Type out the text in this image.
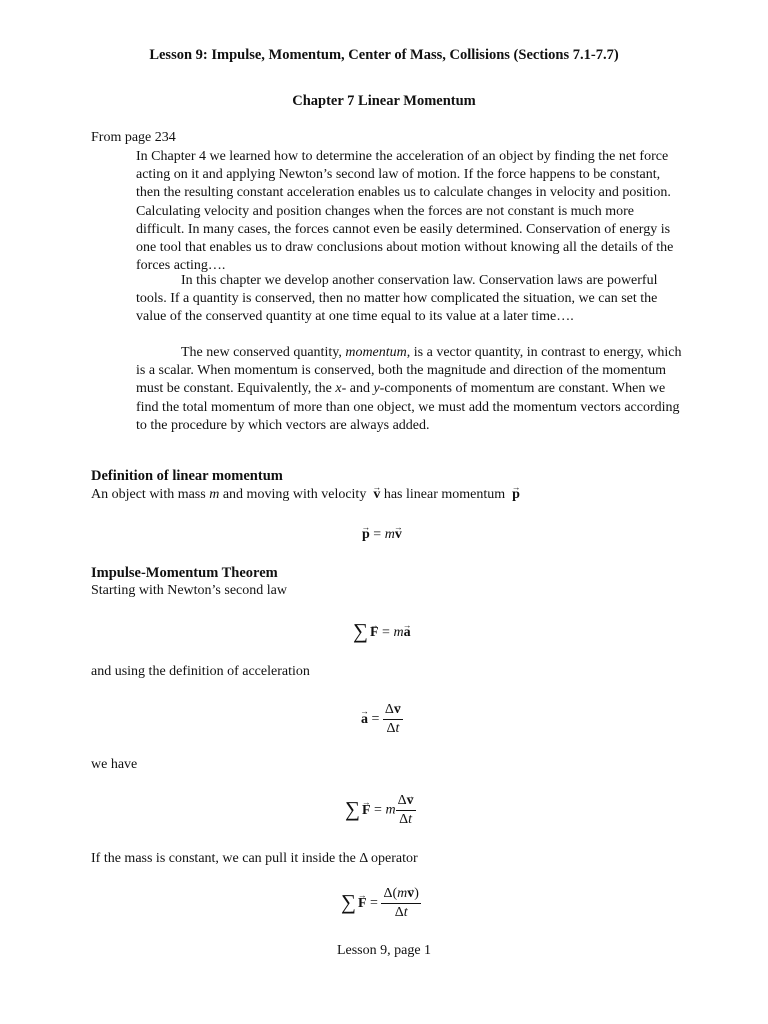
Lesson 9: Impulse, Momentum, Center of Mass, Collisions (Sections 7.1-7.7)

Chapter 7 Linear Momentum

From page 234

In Chapter 4 we learned how to determine the acceleration of an object by finding the net force acting on it and applying Newton’s second law of motion. If the force happens to be constant, then the resulting constant acceleration enables us to calculate changes in velocity and position. Calculating velocity and position changes when the forces are not constant is much more difficult. In many cases, the forces cannot even be easily determined. Conservation of energy is one tool that enables us to draw conclusions about motion without knowing all the details of the forces acting….
In this chapter we develop another conservation law. Conservation laws are powerful tools. If a quantity is conserved, then no matter how complicated the situation, we can set the value of the conserved quantity at one time equal to its value at a later time….
The new conserved quantity, momentum, is a vector quantity, in contrast to energy, which is a scalar. When momentum is conserved, both the magnitude and direction of the momentum must be constant. Equivalently, the x- and y-components of momentum are constant. When we find the total momentum of more than one object, we must add the momentum vectors according to the procedure by which vectors are always added.

Definition of linear momentum

An object with mass m and moving with velocity  v → has linear momentum  p →

p → = mv →

Impulse-Momentum Theorem

Starting with Newton’s second law

∑ F → = ma →

and using the definition of acceleration

a → = $\frac{\Delta v \to}{\Delta t}$

we have

∑ F → = m $\frac{\Delta v \to}{\Delta t}$

If the mass is constant, we can pull it inside the Δ operator

∑ F → = $\frac{\Delta(mv \to)}{\Delta t}$

Lesson 9, page 1
